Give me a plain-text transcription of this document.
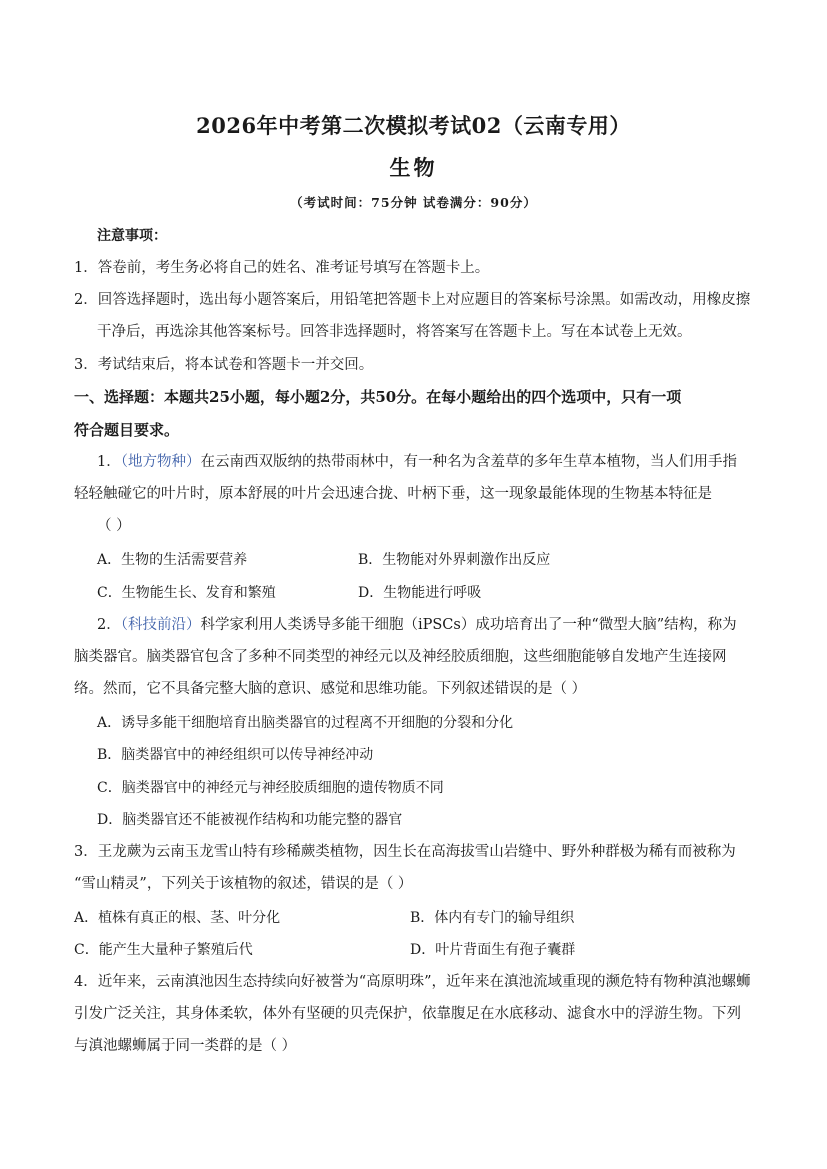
2026年中考第二次模拟考试02（云南专用）
生物
（考试时间：75分钟 试卷满分：90分）
注意事项：
1．答卷前，考生务必将自己的姓名、准考证号填写在答题卡上。
2．回答选择题时，选出每小题答案后，用铅笔把答题卡上对应题目的答案标号涂黑。如需改动，用橡皮擦
干净后，再选涂其他答案标号。回答非选择题时，将答案写在答题卡上。写在本试卷上无效。
3．考试结束后，将本试卷和答题卡一并交回。
一、选择题：本题共25小题，每小题2分，共50分。在每小题给出的四个选项中，只有一项
符合题目要求。
1．（地方物种）在云南西双版纳的热带雨林中，有一种名为含羞草的多年生草本植物，当人们用手指
轻轻触碰它的叶片时，原本舒展的叶片会迅速合拢、叶柄下垂，这一现象最能体现的生物基本特征是
（ ）
A．生物的生活需要营养	B．生物能对外界刺激作出反应
C．生物能生长、发育和繁殖	D．生物能进行呼吸
2．（科技前沿）科学家利用人类诱导多能干细胞（iPSCs）成功培育出了一种“微型大脑”结构，称为
脑类器官。脑类器官包含了多种不同类型的神经元以及神经胶质细胞，这些细胞能够自发地产生连接网
络。然而，它不具备完整大脑的意识、感觉和思维功能。下列叙述错误的是（ ）
A．诱导多能干细胞培育出脑类器官的过程离不开细胞的分裂和分化
B．脑类器官中的神经组织可以传导神经冲动
C．脑类器官中的神经元与神经胶质细胞的遗传物质不同
D．脑类器官还不能被视作结构和功能完整的器官
3．王龙蕨为云南玉龙雪山特有珍稀蕨类植物，因生长在高海拔雪山岩缝中、野外种群极为稀有而被称为
“雪山精灵”，下列关于该植物的叙述，错误的是（ ）
A．植株有真正的根、茎、叶分化	B．体内有专门的输导组织
C．能产生大量种子繁殖后代	D．叶片背面生有孢子囊群
4．近年来，云南滇池因生态持续向好被誉为“高原明珠”，近年来在滇池流域重现的濒危特有物种滇池螺蛳
引发广泛关注，其身体柔软，体外有坚硬的贝壳保护，依靠腹足在水底移动、滤食水中的浮游生物。下列
与滇池螺蛳属于同一类群的是（ ）
